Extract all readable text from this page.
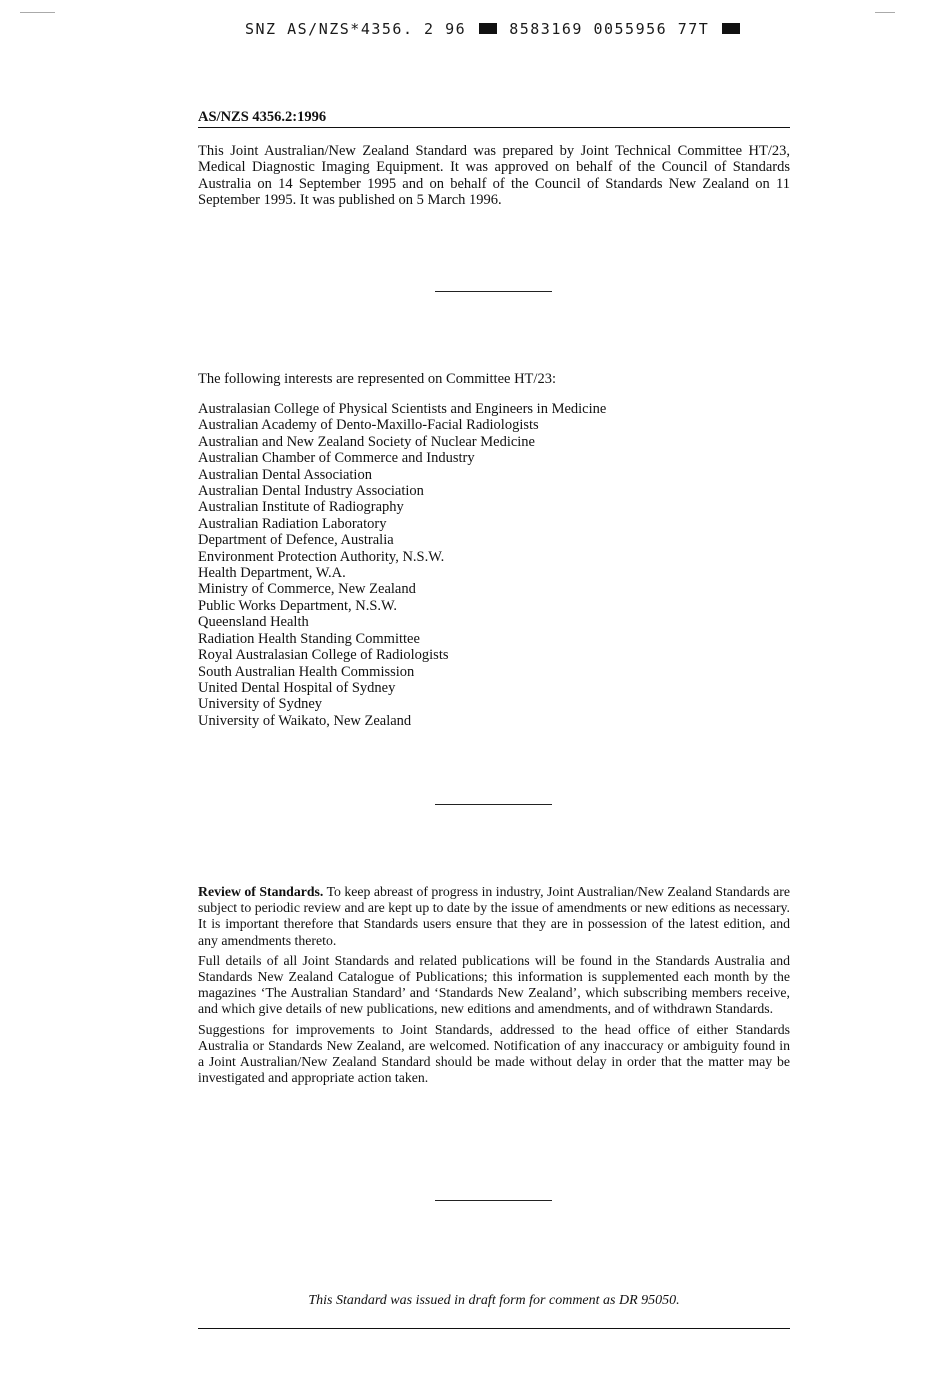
SNZ AS/NZS*4356. 2 96	8583169 0055956 77T
AS/NZS 4356.2:1996

This Joint Australian/New Zealand Standard was prepared by Joint Technical Committee HT/23, Medical Diagnostic Imaging Equipment. It was approved on behalf of the Council of Standards Australia on 14 September 1995 and on behalf of the Council of Standards New Zealand on 11 September 1995. It was published on 5 March 1996.

The following interests are represented on Committee HT/23:

Australasian College of Physical Scientists and Engineers in Medicine
Australian Academy of Dento-Maxillo-Facial Radiologists
Australian and New Zealand Society of Nuclear Medicine
Australian Chamber of Commerce and Industry
Australian Dental Association
Australian Dental Industry Association
Australian Institute of Radiography
Australian Radiation Laboratory
Department of Defence, Australia
Environment Protection Authority, N.S.W.
Health Department, W.A.
Ministry of Commerce, New Zealand
Public Works Department, N.S.W.
Queensland Health
Radiation Health Standing Committee
Royal Australasian College of Radiologists
South Australian Health Commission
United Dental Hospital of Sydney
University of Sydney
University of Waikato, New Zealand

Review of Standards. To keep abreast of progress in industry, Joint Australian/New Zealand Standards are subject to periodic review and are kept up to date by the issue of amendments or new editions as necessary. It is important therefore that Standards users ensure that they are in possession of the latest edition, and any amendments thereto.

Full details of all Joint Standards and related publications will be found in the Standards Australia and Standards New Zealand Catalogue of Publications; this information is supplemented each month by the magazines ‘The Australian Standard’ and ‘Standards New Zealand’, which subscribing members receive, and which give details of new publications, new editions and amendments, and of withdrawn Standards.

Suggestions for improvements to Joint Standards, addressed to the head office of either Standards Australia or Standards New Zealand, are welcomed. Notification of any inaccuracy or ambiguity found in a Joint Australian/New Zealand Standard should be made without delay in order that the matter may be investigated and appropriate action taken.

This Standard was issued in draft form for comment as DR 95050.
